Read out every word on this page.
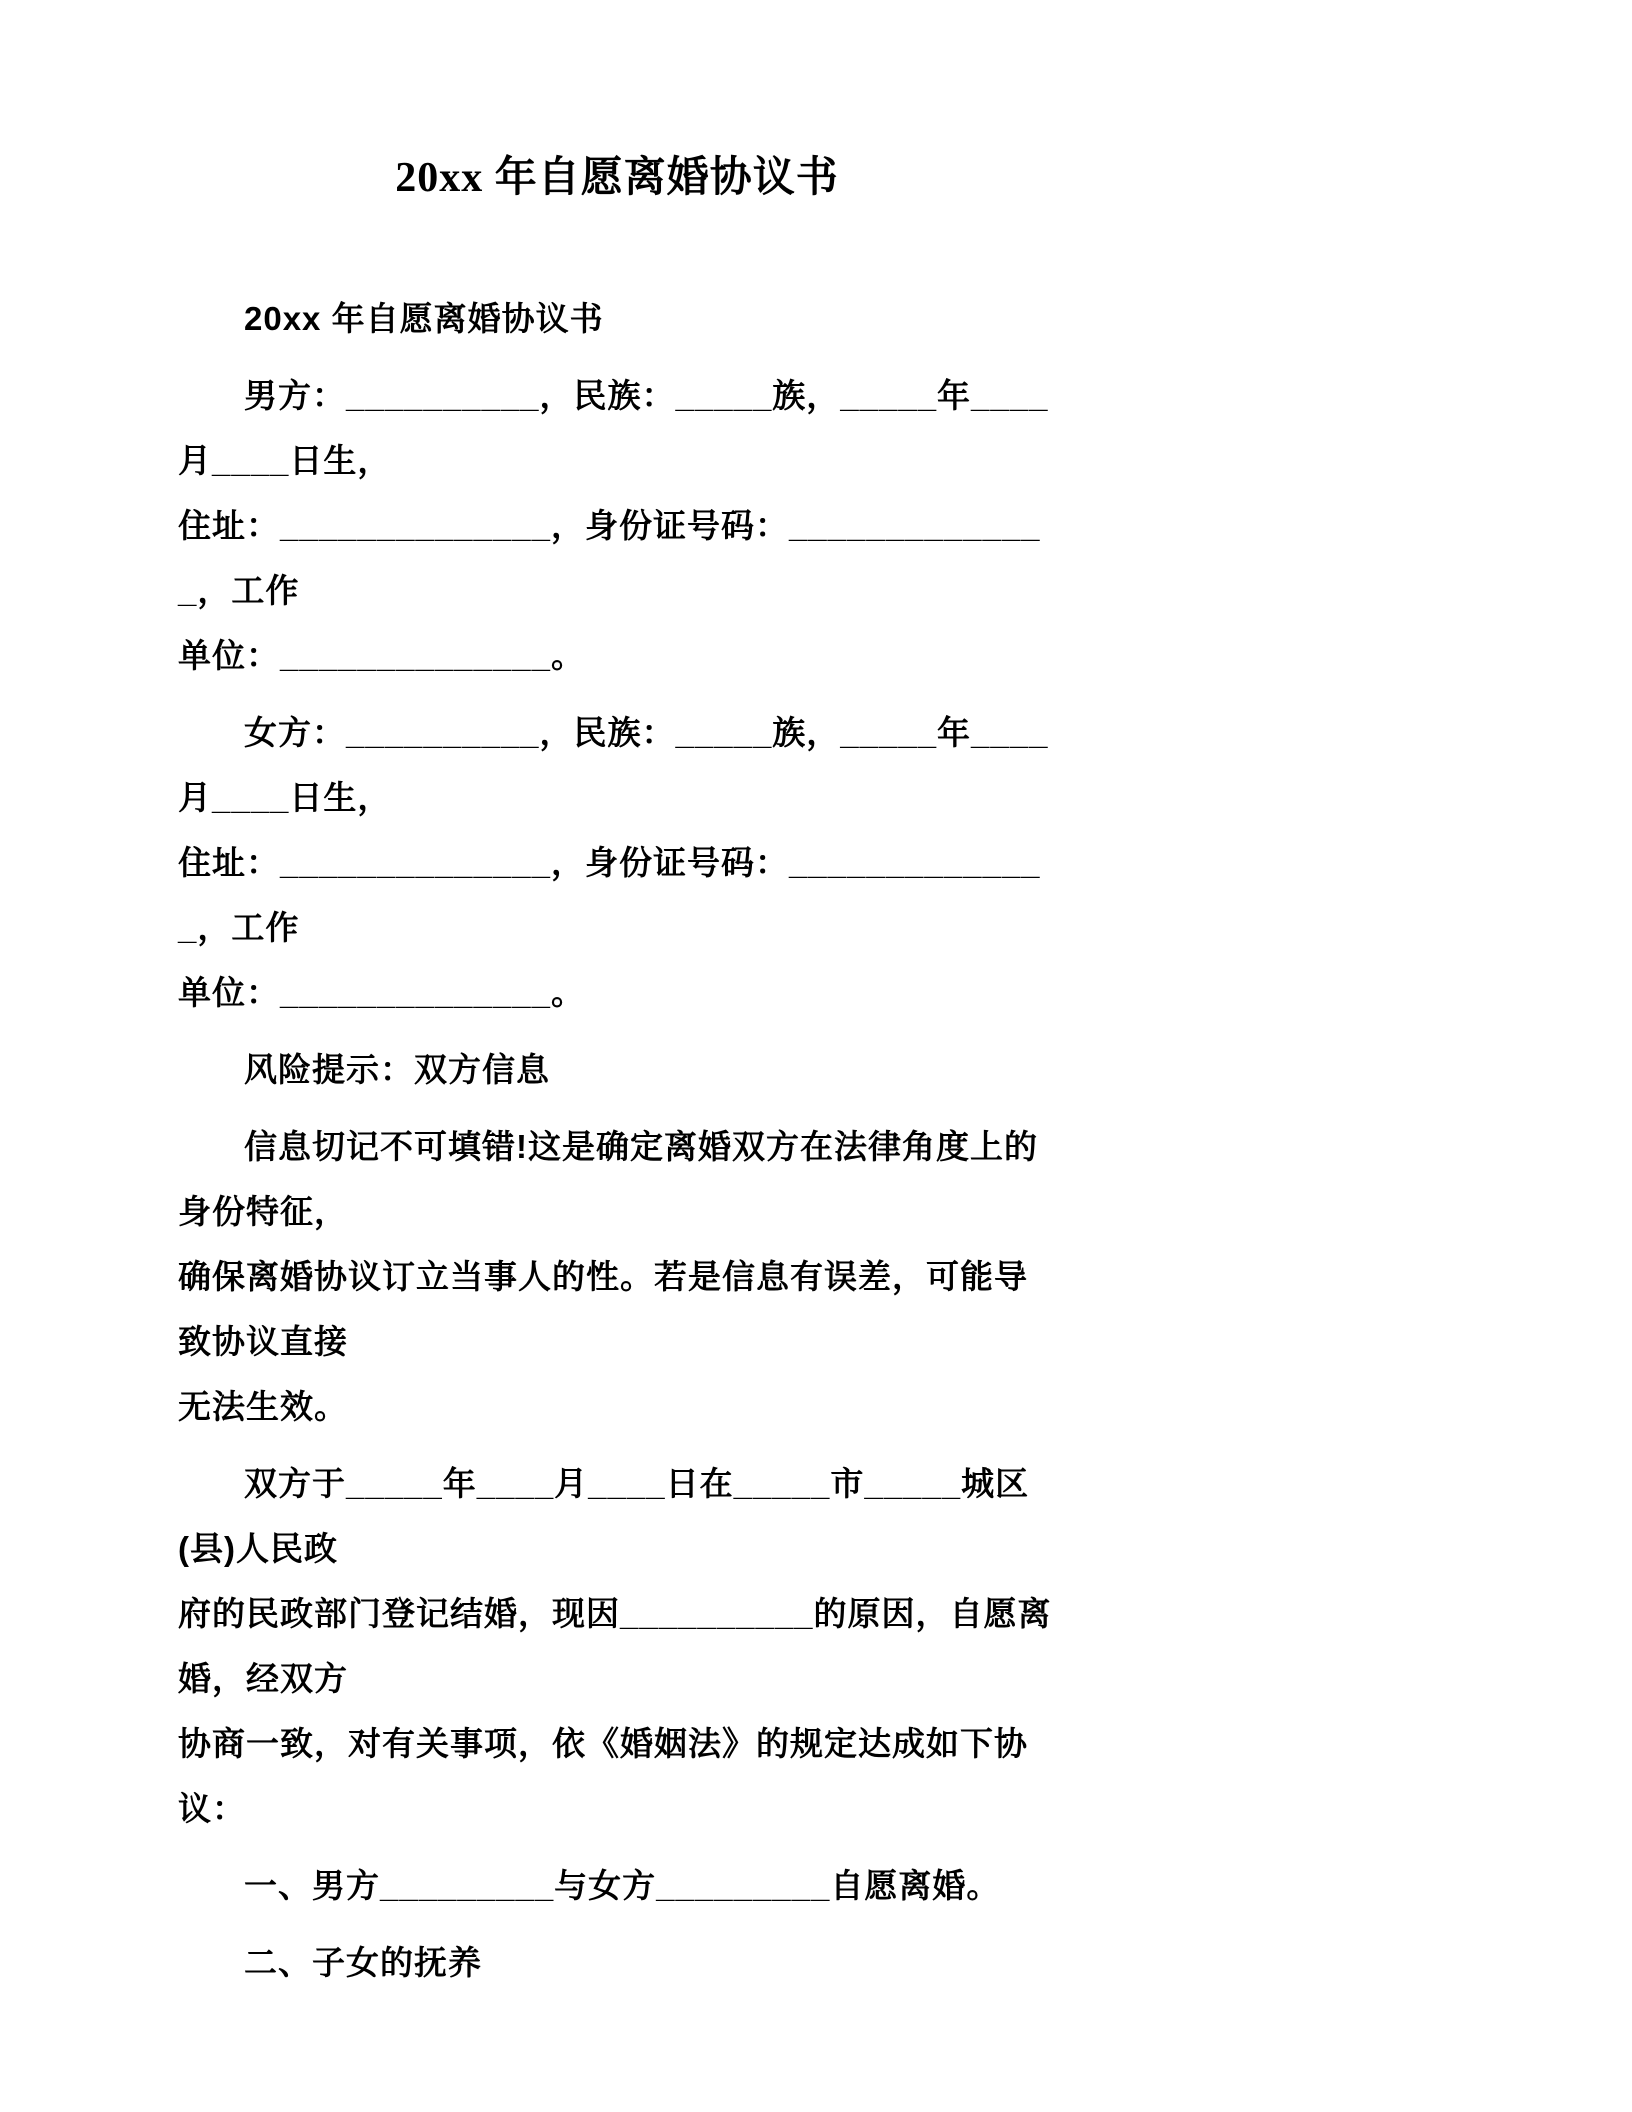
20xx 年自愿离婚协议书

20xx 年自愿离婚协议书

男方：__________，民族：_____族，_____年____月____日生，
住址：______________，身份证号码：______________，工作
单位：______________。

女方：__________，民族：_____族，_____年____月____日生，
住址：______________，身份证号码：______________，工作
单位：______________。

风险提示：双方信息

信息切记不可填错!这是确定离婚双方在法律角度上的身份特征，
确保离婚协议订立当事人的性。若是信息有误差，可能导致协议直接
无法生效。

双方于_____年____月____日在_____市_____城区(县)人民政
府的民政部门登记结婚，现因__________的原因，自愿离婚，经双方
协商一致，对有关事项，依《婚姻法》的规定达成如下协议：

一、男方_________与女方_________自愿离婚。

二、子女的抚养
